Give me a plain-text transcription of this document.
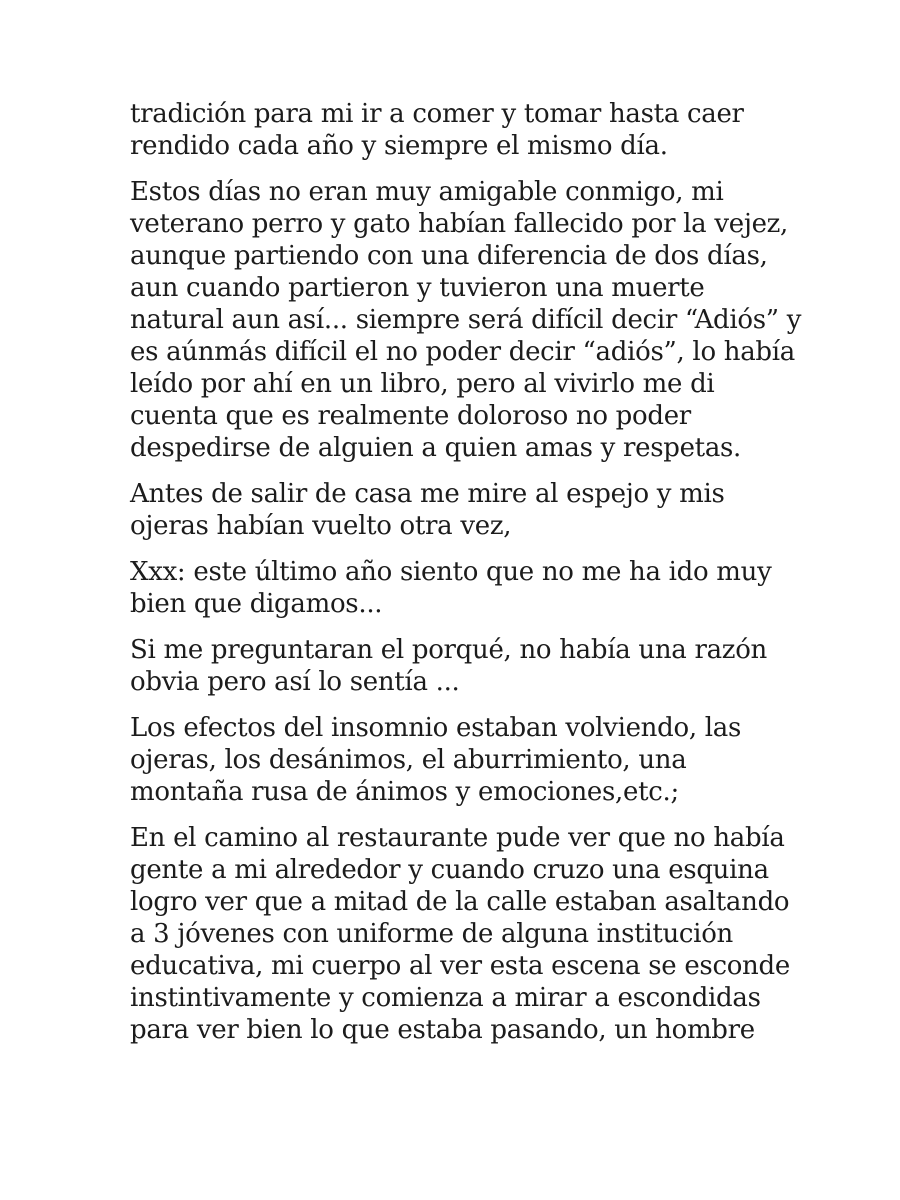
tradición para mi ir a comer y tomar hasta caer
rendido cada año y siempre el mismo día.

Estos días no eran muy amigable conmigo, mi
veterano perro y gato habían fallecido por la vejez,
aunque partiendo con una diferencia de dos días,
aun cuando partieron y tuvieron una muerte
natural aun así... siempre será difícil decir “Adiós” y
es aúnmás difícil el no poder decir “adiós”, lo había
leído por ahí en un libro, pero al vivirlo me di
cuenta que es realmente doloroso no poder
despedirse de alguien a quien amas y respetas.

Antes de salir de casa me mire al espejo y mis
ojeras habían vuelto otra vez,

Xxx: este último año siento que no me ha ido muy
bien que digamos...

Si me preguntaran el porqué, no había una razón
obvia pero así lo sentía ...

Los efectos del insomnio estaban volviendo, las
ojeras, los desánimos, el aburrimiento, una
montaña rusa de ánimos y emociones,etc.;

En el camino al restaurante pude ver que no había
gente a mi alrededor y cuando cruzo una esquina
logro ver que a mitad de la calle estaban asaltando
a 3 jóvenes con uniforme de alguna institución
educativa, mi cuerpo al ver esta escena se esconde
instintivamente y comienza a mirar a escondidas
para ver bien lo que estaba pasando, un hombre
